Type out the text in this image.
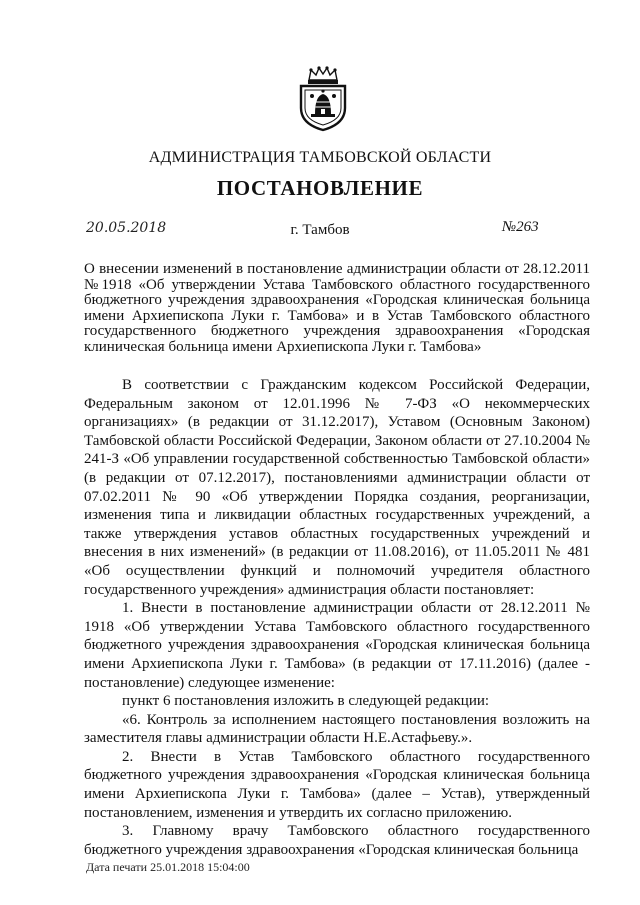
АДМИНИСТРАЦИЯ ТАМБОВСКОЙ ОБЛАСТИ
ПОСТАНОВЛЕНИЕ
20.05.2018	г. Тамбов	№263
О внесении изменений в постановление администрации области от 28.12.2011 №1918 «Об утверждении Устава Тамбовского областного государственного бюджетного учреждения здравоохранения «Городская клиническая больница имени Архиепископа Луки г. Тамбова» и в Устав Тамбовского областного государственного бюджетного учреждения здравоохранения «Городская клиническая больница имени Архиепископа Луки г. Тамбова»

В соответствии с Гражданским кодексом Российской Федерации, Федеральным законом от 12.01.1996 № 7-ФЗ «О некоммерческих организациях» (в редакции от 31.12.2017), Уставом (Основным Законом) Тамбовской области Российской Федерации, Законом области от 27.10.2004 № 241-З «Об управлении государственной собственностью Тамбовской области» (в редакции от 07.12.2017), постановлениями администрации области от 07.02.2011 № 90 «Об утверждении Порядка создания, реорганизации, изменения типа и ликвидации областных государственных учреждений, а также утверждения уставов областных государственных учреждений и внесения в них изменений» (в редакции от 11.08.2016), от 11.05.2011 № 481 «Об осуществлении функций и полномочий учредителя областного государственного учреждения» администрация области постановляет:

1. Внести в постановление администрации области от 28.12.2011 № 1918 «Об утверждении Устава Тамбовского областного государственного бюджетного учреждения здравоохранения «Городская клиническая больница имени Архиепископа Луки г. Тамбова» (в редакции от 17.11.2016) (далее - постановление) следующее изменение:

пункт 6 постановления изложить в следующей редакции:

«6. Контроль за исполнением настоящего постановления возложить на заместителя главы администрации области Н.Е.Астафьеву.».

2. Внести в Устав Тамбовского областного государственного бюджетного учреждения здравоохранения «Городская клиническая больница имени Архиепископа Луки г. Тамбова» (далее – Устав), утвержденный постановлением, изменения и утвердить их согласно приложению.

3. Главному врачу Тамбовского областного государственного бюджетного учреждения здравоохранения «Городская клиническая больница

Дата печати 25.01.2018 15:04:00
